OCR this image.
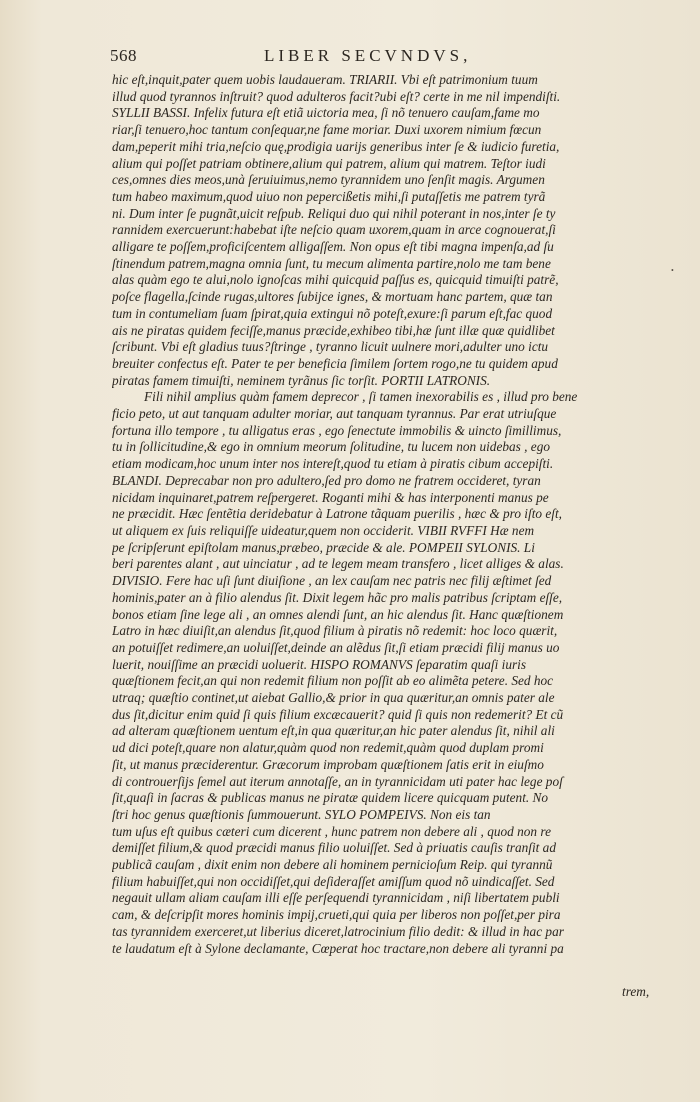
568	LIBER SECVNDVS,
hic eſt,inquit,pater quem uobis laudaueram. TRIARII. Vbi eſt patrimonium tuum
illud quod tyrannos inſtruit? quod adulteros facit?ubi eſt? certe in me nil impendiſti.
SYLLII BASSI. Infelix futura eſt etiã uictoria mea, ſi nõ tenuero cauſam,fame mo
riar,ſi tenuero,hoc tantum conſequar,ne fame moriar. Duxi uxorem nimium fœcun
dam,peperit mihi tria,neſcio quę,prodigia uarijs generibus inter ſe & iudicio furetia,
alium qui poſſet patriam obtinere,alium qui patrem, alium qui matrem. Teſtor iudi
ces,omnes dies meos,unà ſeruiuimus,nemo tyrannidem uno ſenſit magis. Argumen
tum habeo maximum,quod uiuo non pepercißetis mihi,ſi putaſſetis me patrem tyrã
ni. Dum inter ſe pugnãt,uicit reſpub. Reliqui duo qui nihil poterant in nos,inter ſe ty
rannidem exercuerunt:habebat iſte neſcio quam uxorem,quam in arce cognouerat,ſi
alligare te poſſem,proficiſcentem alligaſſem. Non opus eſt tibi magna impenſa,ad ſu
ſtinendum patrem,magna omnia ſunt, tu mecum alimenta partire,nolo me tam bene
alas quàm ego te alui,nolo ignoſcas mihi quicquid paſſus es, quicquid timuiſti patrẽ,
poſce flagella,ſcinde rugas,ultores ſubijce ignes, & mortuam hanc partem, quæ tan
tum in contumeliam ſuam ſpirat,quia extingui nõ poteſt,exure:ſi parum eſt,fac quod
ais ne piratas quidem feciſſe,manus præcide,exhibeo tibi,hæ ſunt illæ quæ quidlibet
ſcribunt. Vbi eſt gladius tuus?ſtringe , tyranno licuit uulnere mori,adulter uno ictu
breuiter confectus eſt. Pater te per beneficia ſimilem ſortem rogo,ne tu quidem apud
piratas famem timuiſti, neminem tyrãnus ſic torſit. PORTII LATRONIS.
Fili nihil amplius quàm famem deprecor , ſi tamen inexorabilis es , illud pro bene
ficio peto, ut aut tanquam adulter moriar, aut tanquam tyrannus. Par erat utriuſque
fortuna illo tempore , tu alligatus eras , ego ſenectute immobilis & uincto ſimillimus,
tu in ſollicitudine,& ego in omnium meorum ſolitudine, tu lucem non uidebas , ego
etiam modicam,hoc unum inter nos intereſt,quod tu etiam à piratis cibum accepiſti.
BLANDI. Deprecabar non pro adultero,ſed pro domo ne fratrem occideret, tyran
nicidam inquinaret,patrem reſpergeret. Roganti mihi & has interponenti manus pe
ne præcidit. Hæc ſentẽtia deridebatur à Latrone tãquam puerilis , hæc & pro iſto eſt,
ut aliquem ex ſuis reliquiſſe uideatur,quem non occiderit. VIBII RVFFI Hæ nem
pe ſcripſerunt epiſtolam manus,præbeo, præcide & ale. POMPEII SYLONIS. Li
beri parentes alant , aut uinciatur , ad te legem meam transfero , licet alliges & alas.
DIVISIO. Fere hac uſi ſunt diuiſione , an lex cauſam nec patris nec filij æſtimet ſed
hominis,pater an à filio alendus ſit. Dixit legem hãc pro malis patribus ſcriptam eſſe,
bonos etiam ſine lege ali , an omnes alendi ſunt, an hic alendus ſit. Hanc quæſtionem
Latro in hæc diuiſit,an alendus ſit,quod filium à piratis nõ redemit: hoc loco quærit,
an potuiſſet redimere,an uoluiſſet,deinde an alẽdus ſit,ſi etiam præcidi filij manus uo
luerit, nouiſſime an præcidi uoluerit. HISPO ROMANVS ſeparatim quaſi iuris
quæſtionem fecit,an qui non redemit filium non poſſit ab eo alimẽta petere. Sed hoc
utraq; quæſtio continet,ut aiebat Gallio,& prior in qua quæritur,an omnis pater ale
dus ſit,dicitur enim quid ſi quis filium excæcauerit? quid ſi quis non redemerit? Et cũ
ad alteram quæſtionem uentum eſt,in qua quæritur,an hic pater alendus ſit, nihil ali
ud dici poteſt,quare non alatur,quàm quod non redemit,quàm quod duplam promi
ſit, ut manus præciderentur. Græcorum improbam quæſtionem ſatis erit in eiuſmo
di controuerſijs ſemel aut iterum annotaſſe, an in tyrannicidam uti pater hac lege poſ
ſit,quaſi in ſacras & publicas manus ne piratæ quidem licere quicquam putent. No
ſtri hoc genus quæſtionis ſummouerunt. SYLO POMPEIVS. Non eis tan
tum uſus eſt quibus cæteri cum dicerent , hunc patrem non debere ali , quod non re
demiſſet filium,& quod præcidi manus filio uoluiſſet. Sed à priuatis cauſis tranſit ad
publicã cauſam , dixit enim non debere ali hominem pernicioſum Reip. qui tyrannũ
filium habuiſſet,qui non occidiſſet,qui deſideraſſet amiſſum quod nõ uindicaſſet. Sed
negauit ullam aliam cauſam illi eſſe perſequendi tyrannicidam , niſi libertatem publi
cam, & deſcripſit mores hominis impij,crueti,qui quia per liberos non poſſet,per pira
tas tyrannidem exerceret,ut liberius diceret,latrocinium filio dedit: & illud in hac par
te laudatum eſt à Sylone declamante, Cœperat hoc tractare,non debere ali tyranni pa
•
trem,
